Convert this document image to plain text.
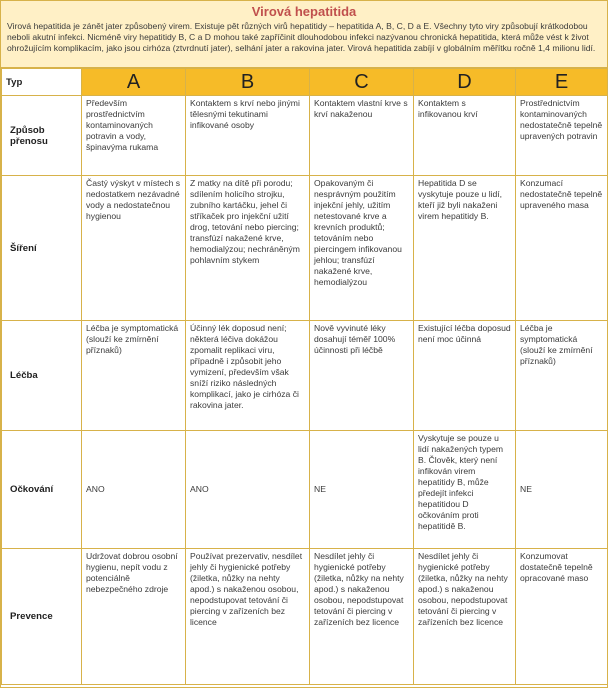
Virová hepatitida
Virová hepatitida je zánět jater způsobený virem. Existuje pět různých virů hepatitidy – hepatitida A, B, C, D a E. Všechny tyto viry způsobují krátkodobou neboli akutní infekci. Nicméně viry hepatitidy B, C a D mohou také zapříčinit dlouhodobou infekci nazývanou chronická hepatitida, která může vést k život ohrožujícím komplikacím, jako jsou cirhóza (ztvrdnutí jater), selhání jater a rakovina jater. Virová hepatitida zabíjí v globálním měřítku ročně 1,4 milionu lidí.
Typ	A	B	C	D	E
Způsob přenosu	Především prostřednictvím kontaminovaných potravin a vody, špinavýma rukama	Kontaktem s krví nebo jinými tělesnými tekutinami infikované osoby	Kontaktem vlastní krve s krví nakaženou	Kontaktem s infikovanou krví	Prostřednictvím kontaminovaných nedostatečně tepelně upravených potravin
Šíření	Častý výskyt v místech s nedostatkem nezávadné vody a nedostatečnou hygienou	Z matky na dítě při porodu; sdílením holicího strojku, zubního kartáčku, jehel či stříkaček pro injekční užití drog, tetování nebo piercing; transfúzí nakažené krve, hemodialýzou; nechráněným pohlavním stykem	Opakovaným či nesprávným použitím injekční jehly, užitím netestované krve a krevních produktů; tetováním nebo piercingem infikovanou jehlou; transfúzí nakažené krve, hemodialýzou	Hepatitida D se vyskytuje pouze u lidí, kteří již byli nakaženi virem hepatitidy B.	Konzumací nedostatečně tepelně upraveného masa
Léčba	Léčba je symptomatická (slouží ke zmírnění příznaků)	Účinný lék doposud není; některá léčiva dokážou zpomalit replikaci viru, případně i způsobit jeho vymizení, především však sníží riziko následných komplikací, jako je cirhóza či rakovina jater.	Nově vyvinuté léky dosahují téměř 100% účinnosti při léčbě	Existující léčba doposud není moc účinná	Léčba je symptomatická (slouží ke zmírnění příznaků)
Očkování	ANO	ANO	NE	Vyskytuje se pouze u lidí nakažených typem B. Člověk, který není infikován virem hepatitidy B, může předejít infekci hepatitidou D očkováním proti hepatitidě B.	NE
Prevence	Udržovat dobrou osobní hygienu, nepít vodu z potenciálně nebezpečného zdroje	Používat prezervativ, nesdílet jehly či hygienické potřeby (žiletka, nůžky na nehty apod.) s nakaženou osobou, nepodstupovat tetování či piercing v zařízeních bez licence	Nesdílet jehly či hygienické potřeby (žiletka, nůžky na nehty apod.) s nakaženou osobou, nepodstupovat tetování či piercing v zařízeních bez licence	Nesdílet jehly či hygienické potřeby (žiletka, nůžky na nehty apod.) s nakaženou osobou, nepodstupovat tetování či piercing v zařízeních bez licence	Konzumovat dostatečně tepelně opracované maso
